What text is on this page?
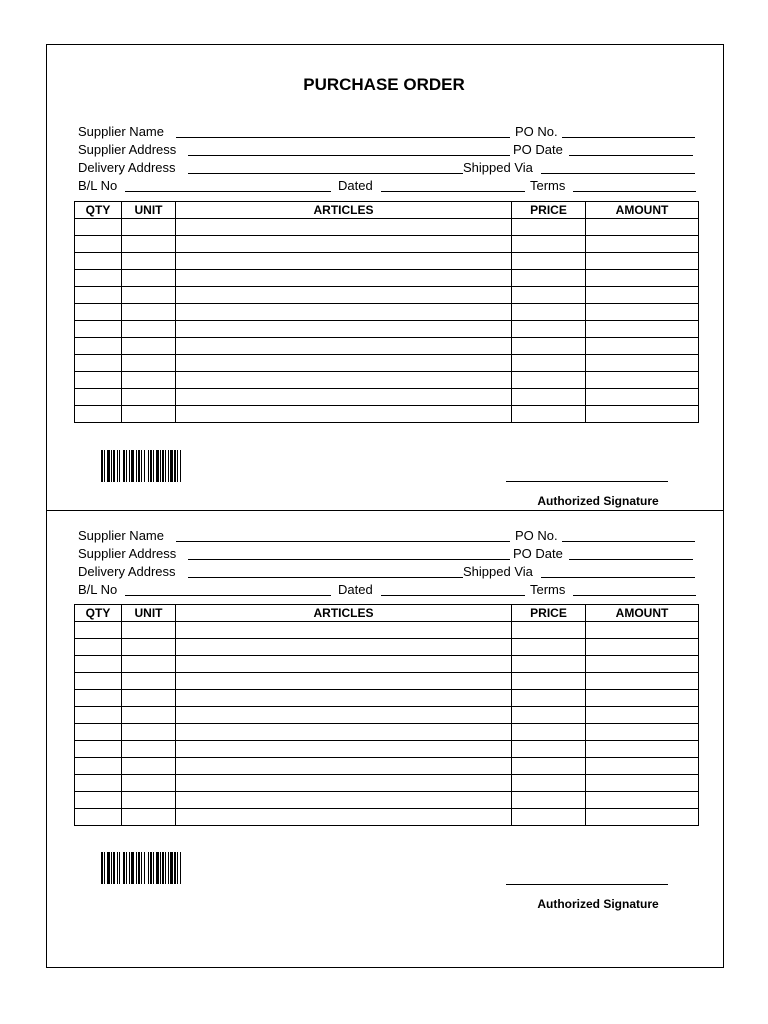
PURCHASE ORDER
Supplier Name	PO No.
Supplier Address	PO Date
Delivery Address	Shipped Via
B/L No	Dated	Terms
QTY	UNIT	ARTICLES	PRICE	AMOUNT

Authorized Signature
Supplier Name	PO No.
Supplier Address	PO Date
Delivery Address	Shipped Via
B/L No	Dated	Terms
QTY	UNIT	ARTICLES	PRICE	AMOUNT

Authorized Signature
